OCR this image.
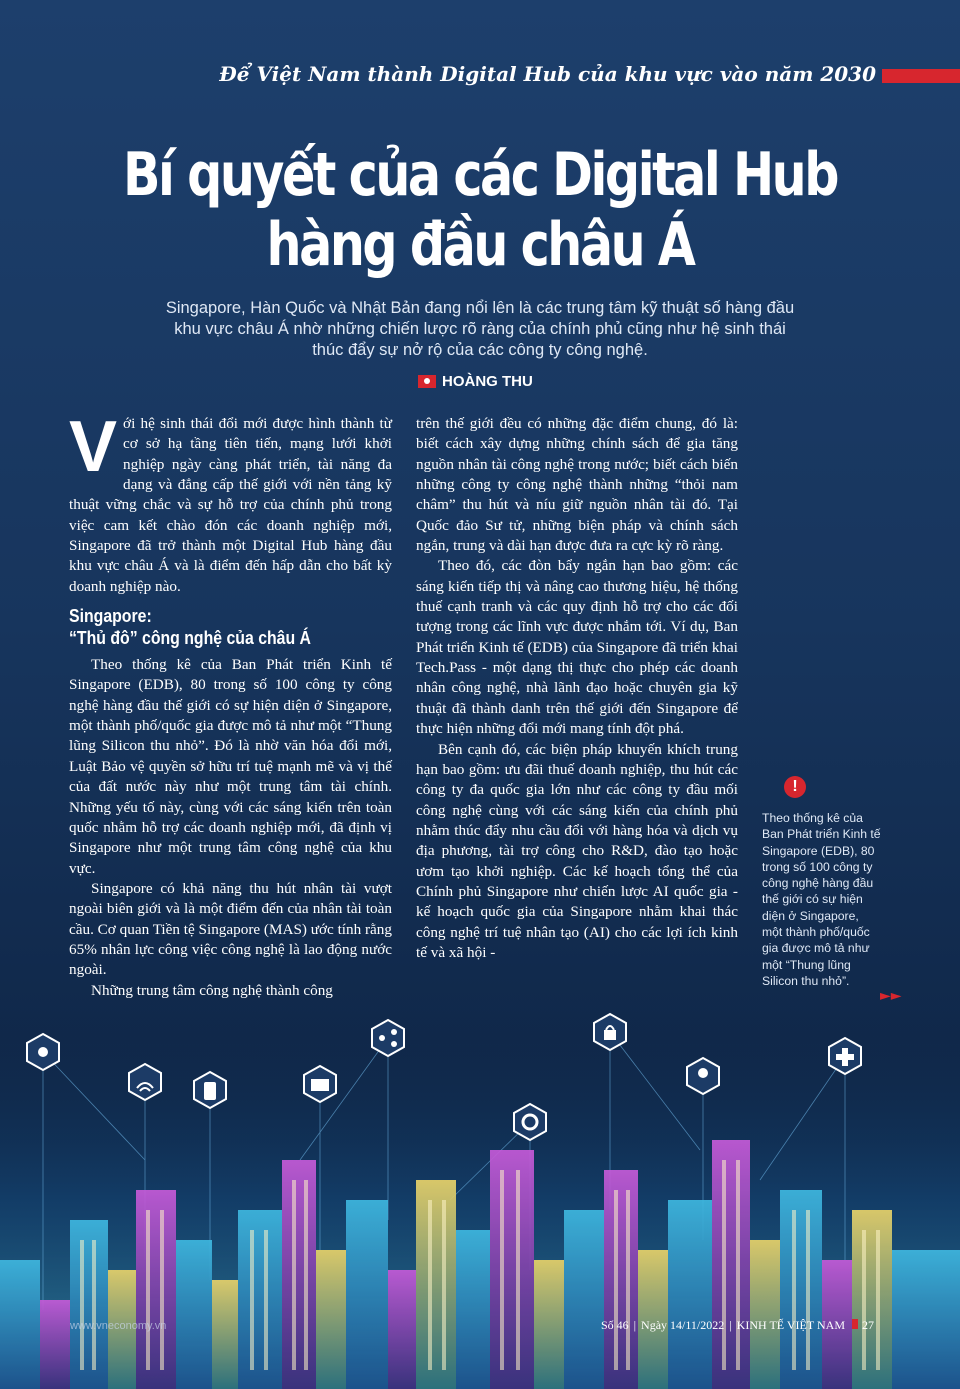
Để Việt Nam thành Digital Hub của khu vực vào năm 2030
Bí quyết của các Digital Hub
hàng đầu châu Á
Singapore, Hàn Quốc và Nhật Bản đang nổi lên là các trung tâm kỹ thuật số hàng đầu khu vực châu Á nhờ những chiến lược rõ ràng của chính phủ cũng như hệ sinh thái thúc đẩy sự nở rộ của các công ty công nghệ.
HOÀNG THU

Với hệ sinh thái đổi mới được hình thành từ cơ sở hạ tầng tiên tiến, mạng lưới khởi nghiệp ngày càng phát triển, tài năng đa dạng và đẳng cấp thế giới với nền tảng kỹ thuật vững chắc và sự hỗ trợ của chính phủ trong việc cam kết chào đón các doanh nghiệp mới, Singapore đã trở thành một Digital Hub hàng đầu khu vực châu Á và là điểm đến hấp dẫn cho bất kỳ doanh nghiệp nào.

Singapore:
“Thủ đô” công nghệ của châu Á

Theo thống kê của Ban Phát triển Kinh tế Singapore (EDB), 80 trong số 100 công ty công nghệ hàng đầu thế giới có sự hiện diện ở Singapore, một thành phố/quốc gia được mô tả như một “Thung lũng Silicon thu nhỏ”. Đó là nhờ văn hóa đổi mới, Luật Bảo vệ quyền sở hữu trí tuệ mạnh mẽ và vị thế của đất nước này như một trung tâm tài chính. Những yếu tố này, cùng với các sáng kiến trên toàn quốc nhằm hỗ trợ các doanh nghiệp mới, đã định vị Singapore như một trung tâm công nghệ của khu vực.

Singapore có khả năng thu hút nhân tài vượt ngoài biên giới và là một điểm đến của nhân tài toàn cầu. Cơ quan Tiền tệ Singapore (MAS) ước tính rằng 65% nhân lực công việc công nghệ là lao động nước ngoài.

Những trung tâm công nghệ thành công

trên thế giới đều có những đặc điểm chung, đó là: biết cách xây dựng những chính sách để gia tăng nguồn nhân tài công nghệ trong nước; biết cách biến những công ty công nghệ thành những “thỏi nam châm” thu hút và níu giữ nguồn nhân tài đó. Tại Quốc đảo Sư tử, những biện pháp và chính sách ngắn, trung và dài hạn được đưa ra cực kỳ rõ ràng.

Theo đó, các đòn bẩy ngắn hạn bao gồm: các sáng kiến tiếp thị và nâng cao thương hiệu, hệ thống thuế cạnh tranh và các quy định hỗ trợ cho các đối tượng trong các lĩnh vực được nhắm tới. Ví dụ, Ban Phát triển Kinh tế (EDB) của Singapore đã triển khai Tech.Pass - một dạng thị thực cho phép các doanh nhân công nghệ, nhà lãnh đạo hoặc chuyên gia kỹ thuật đã thành danh trên thế giới đến Singapore để thực hiện những đổi mới mang tính đột phá.

Bên cạnh đó, các biện pháp khuyến khích trung hạn bao gồm: ưu đãi thuế doanh nghiệp, thu hút các công ty đa quốc gia lớn như các công ty đầu mối công nghệ cùng với các sáng kiến của chính phủ nhằm thúc đẩy nhu cầu đổi với hàng hóa và dịch vụ địa phương, tài trợ công cho R&D, đào tạo hoặc ươm tạo khởi nghiệp. Các kế hoạch tổng thể của Chính phủ Singapore như chiến lược AI quốc gia - kế hoạch quốc gia của Singapore nhằm khai thác công nghệ trí tuệ nhân tạo (AI) cho các lợi ích kinh tế và xã hội -

!
Theo thống kê của Ban Phát triển Kinh tế Singapore (EDB), 80 trong số 100 công ty công nghệ hàng đầu thế giới có sự hiện diện ở Singapore, một thành phố/quốc gia được mô tả như một “Thung lũng Silicon thu nhỏ”.
►►
www.vneconomy.vn	Số 46 | Ngày 14/11/2022 | KINH TẾ VIỆT NAM 27
